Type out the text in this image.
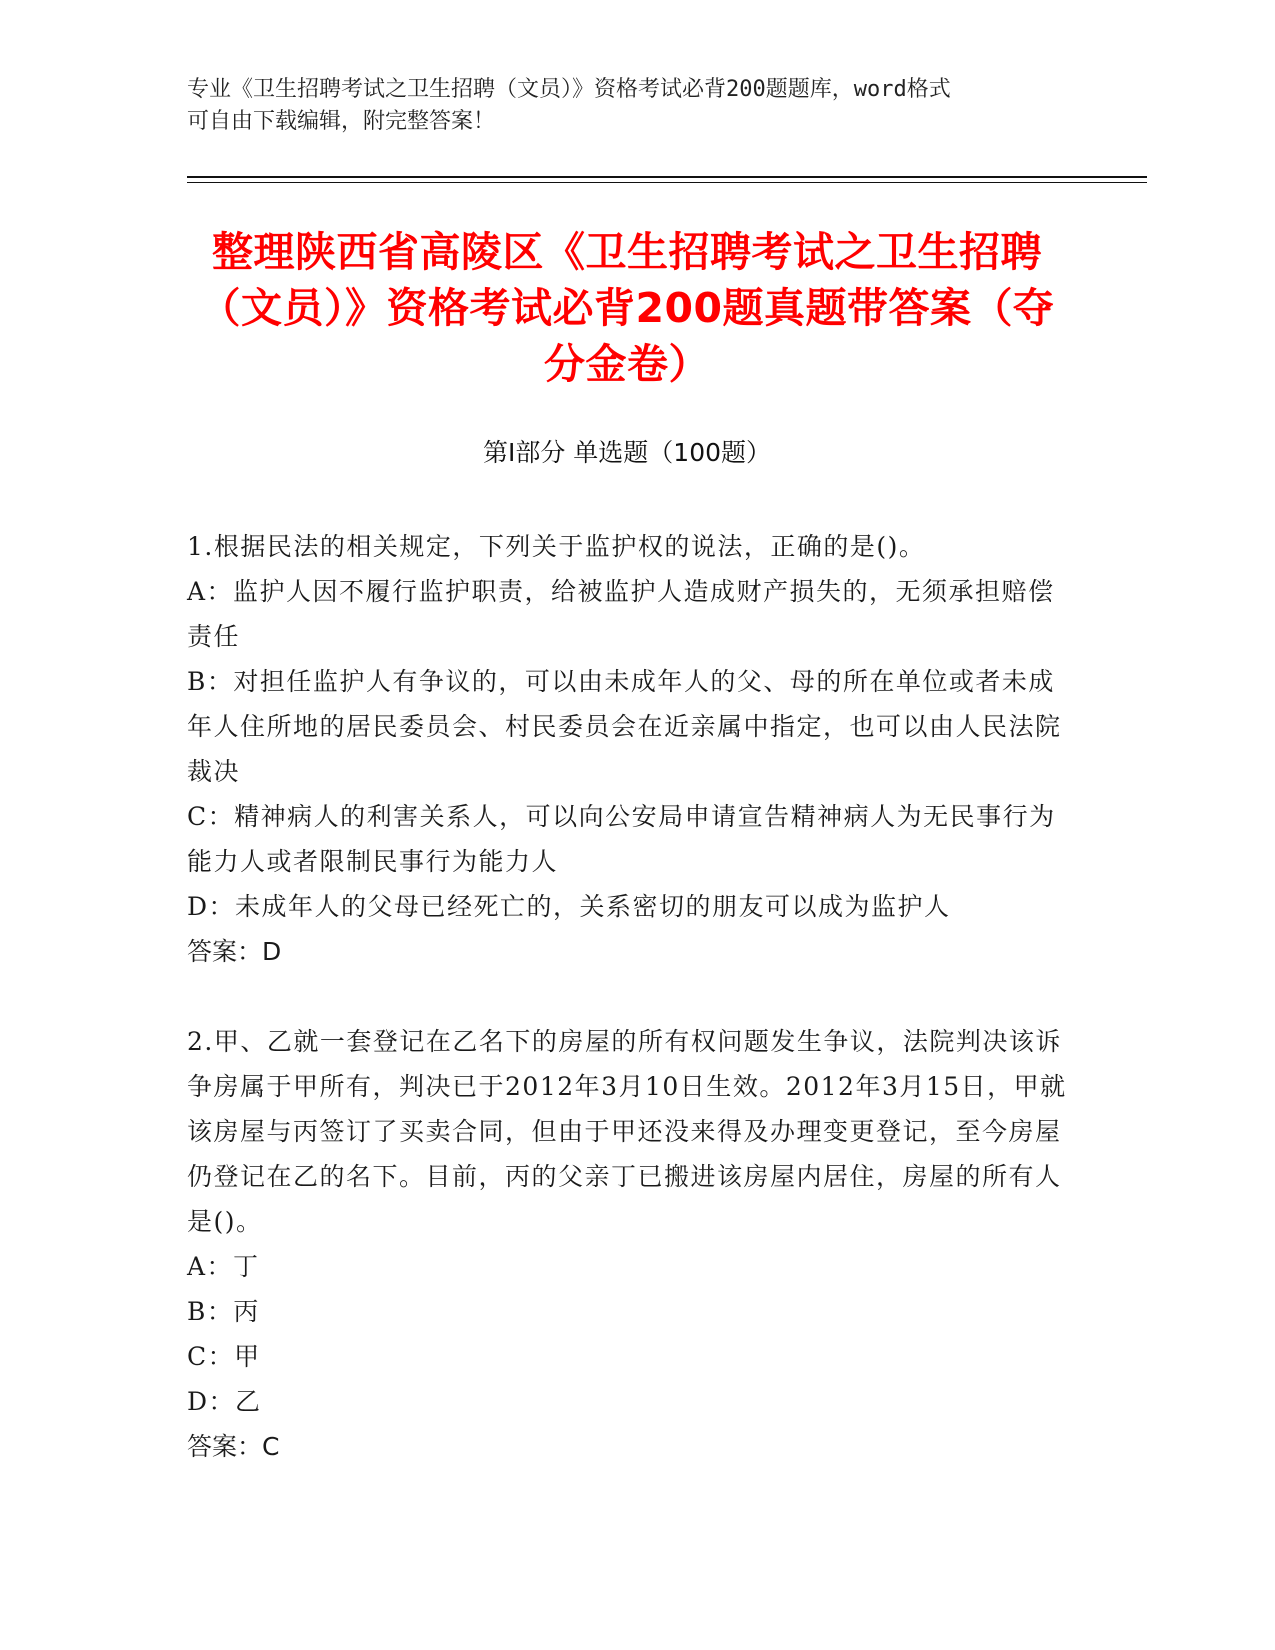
专业《卫生招聘考试之卫生招聘（文员）》资格考试必背200题题库，word格式
可自由下载编辑，附完整答案！
整理陕西省高陵区《卫生招聘考试之卫生招聘（文员）》资格考试必背200题真题带答案（夺分金卷）
第I部分 单选题（100题）

1.根据民法的相关规定，下列关于监护权的说法，正确的是()。

A：监护人因不履行监护职责，给被监护人造成财产损失的，无须承担赔偿责任

B：对担任监护人有争议的，可以由未成年人的父、母的所在单位或者未成年人住所地的居民委员会、村民委员会在近亲属中指定，也可以由人民法院裁决

C：精神病人的利害关系人，可以向公安局申请宣告精神病人为无民事行为能力人或者限制民事行为能力人

D：未成年人的父母已经死亡的，关系密切的朋友可以成为监护人

答案：D

2.甲、乙就一套登记在乙名下的房屋的所有权问题发生争议，法院判决该诉争房属于甲所有，判决已于2012年3月10日生效。2012年3月15日，甲就该房屋与丙签订了买卖合同，但由于甲还没来得及办理变更登记，至今房屋仍登记在乙的名下。目前，丙的父亲丁已搬进该房屋内居住，房屋的所有人是()。

A：丁

B：丙

C：甲

D：乙

答案：C
